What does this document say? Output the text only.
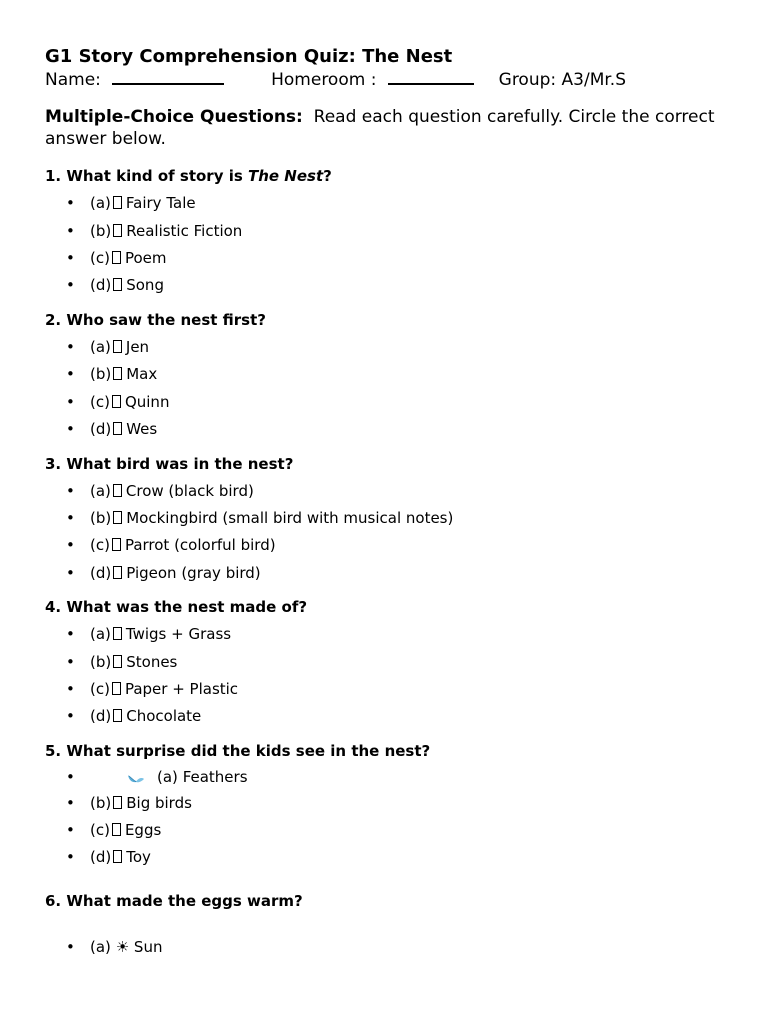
G1 Story Comprehension Quiz: The Nest
Name:	Homeroom :	Group: A3/Mr.S
Multiple-Choice Questions: Read each question carefully. Circle the correct answer below.

1. What kind of story is The Nest?

• (a) Fairy Tale
• (b) Realistic Fiction
• (c) Poem
• (d) Song

2. Who saw the nest first?

• (a) Jen
• (b) Max
• (c) Quinn
• (d) Wes

3. What bird was in the nest?

• (a) Crow (black bird)
• (b) Mockingbird (small bird with musical notes)
• (c) Parrot (colorful bird)
• (d) Pigeon (gray bird)

4. What was the nest made of?

• (a) Twigs + Grass
• (b) Stones
• (c) Paper + Plastic
• (d) Chocolate

5. What surprise did the kids see in the nest?

•	(a) Feathers
• (b) Big birds
• (c) Eggs
• (d) Toy

6. What made the eggs warm?

• (a) ☀ Sun
